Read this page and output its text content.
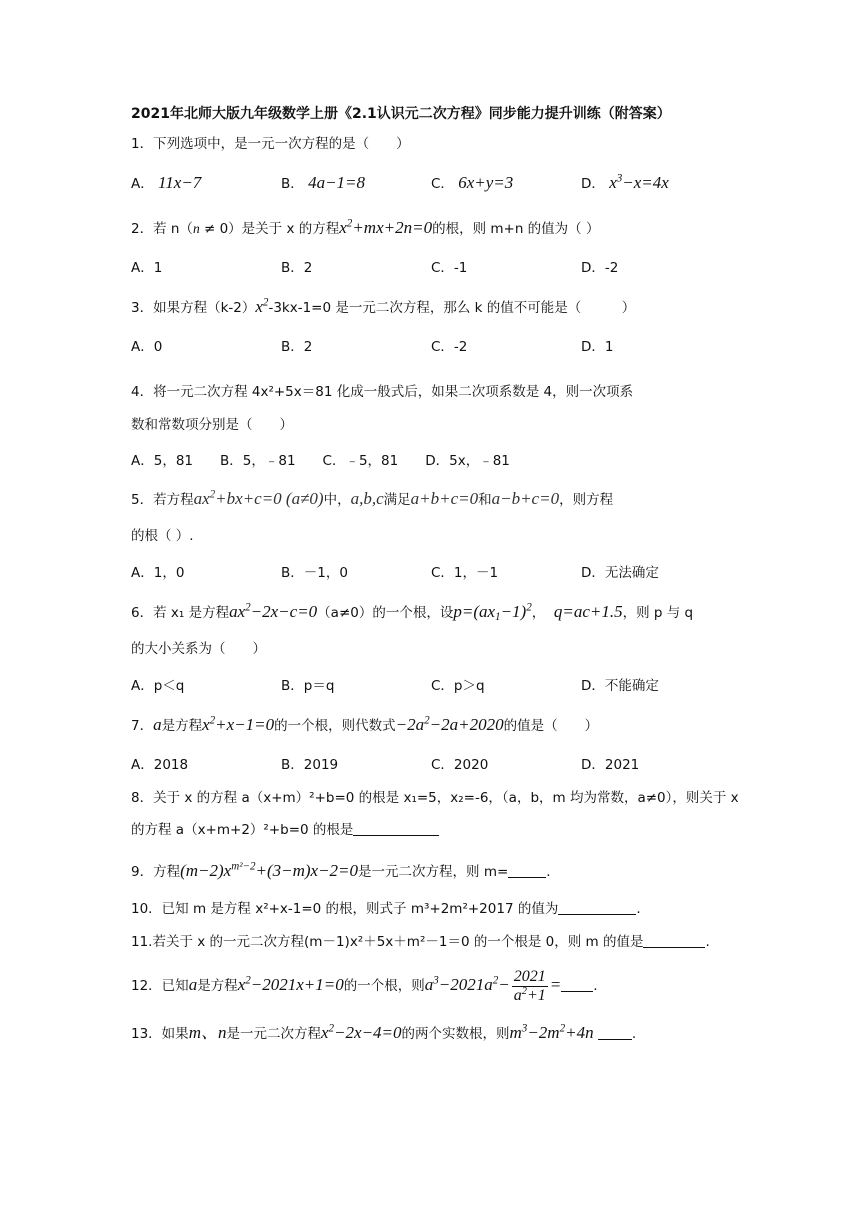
2021年北师大版九年级数学上册《2.1认识元二次方程》同步能力提升训练（附答案）
1．下列选项中，是一元一次方程的是（　　）
A． 11x−7	B． 4a−1=8	C． 6x+y=3	D． $x^3-x=4x$
2．若 n（n ≠ 0）是关于 x 的方程$x^2+mx+2n=0$的根，则 m+n 的值为（ ）
A．1	B．2	C．-1	D．-2
3．如果方程$(k-2)x^2-3kx-1=0$ 是一元二次方程，那么 k 的值不可能是（　　　）
A．0	B．2	C．-2	D．1
4．将一元二次方程 4x²+5x＝81 化成一般式后，如果二次项系数是 4，则一次项系
数和常数项分别是（　　）
A．5，81　　B．5，﹣81　　C．﹣5，81　　D．5x，﹣81
5．若方程$ax^2+bx+c=0$ (a≠0)中，a,b,c满足a+b+c=0和a−b+c=0，则方程
的根（ ）.
A．1，0	B．－1，0	C．1，－1	D．无法确定
6．若 x₁ 是方程$ax^2-2x-c=0(a\ne 0)$的一个根，设$p=(ax_1-1)^2$， q=ac+1.5，则 p 与 q
的大小关系为（　　）
A．p＜q	B．p＝q	C．p＞q	D．不能确定
7．a是方程$x^2+x-1=0$的一个根，则代数式$-2a^2-2a+2020$的值是（　　）
A．2018	B．2019	C．2020	D．2021
8．关于 x 的方程 a（x+m）²+b=0 的根是 x₁=5，x₂=-6，（a，b，m 均为常数，a≠0），则关于 x
的方程 a（x+m+2）²+b=0 的根是
9．方程$(m-2)x^{m^2-2}+(3-m)x-2=0$是一元二次方程，则 m=	.
10．已知 m 是方程 x²+x-1=0 的根，则式子 m³+2m²+2017 的值为	.
11.若关于 x 的一元二次方程(m－1)x²＋5x＋m²－1＝0 的一个根是 0，则 m 的值是	.
12．已知a是方程$x^2-2021x+1=0$的一个根，则$a^3-2021a^2- \frac{2021}{a^2+1}$ = .
13．如果m、n是一元二次方程$x^2-2x-4=0$的两个实数根，则$m^3-2m^2+4n$	.
